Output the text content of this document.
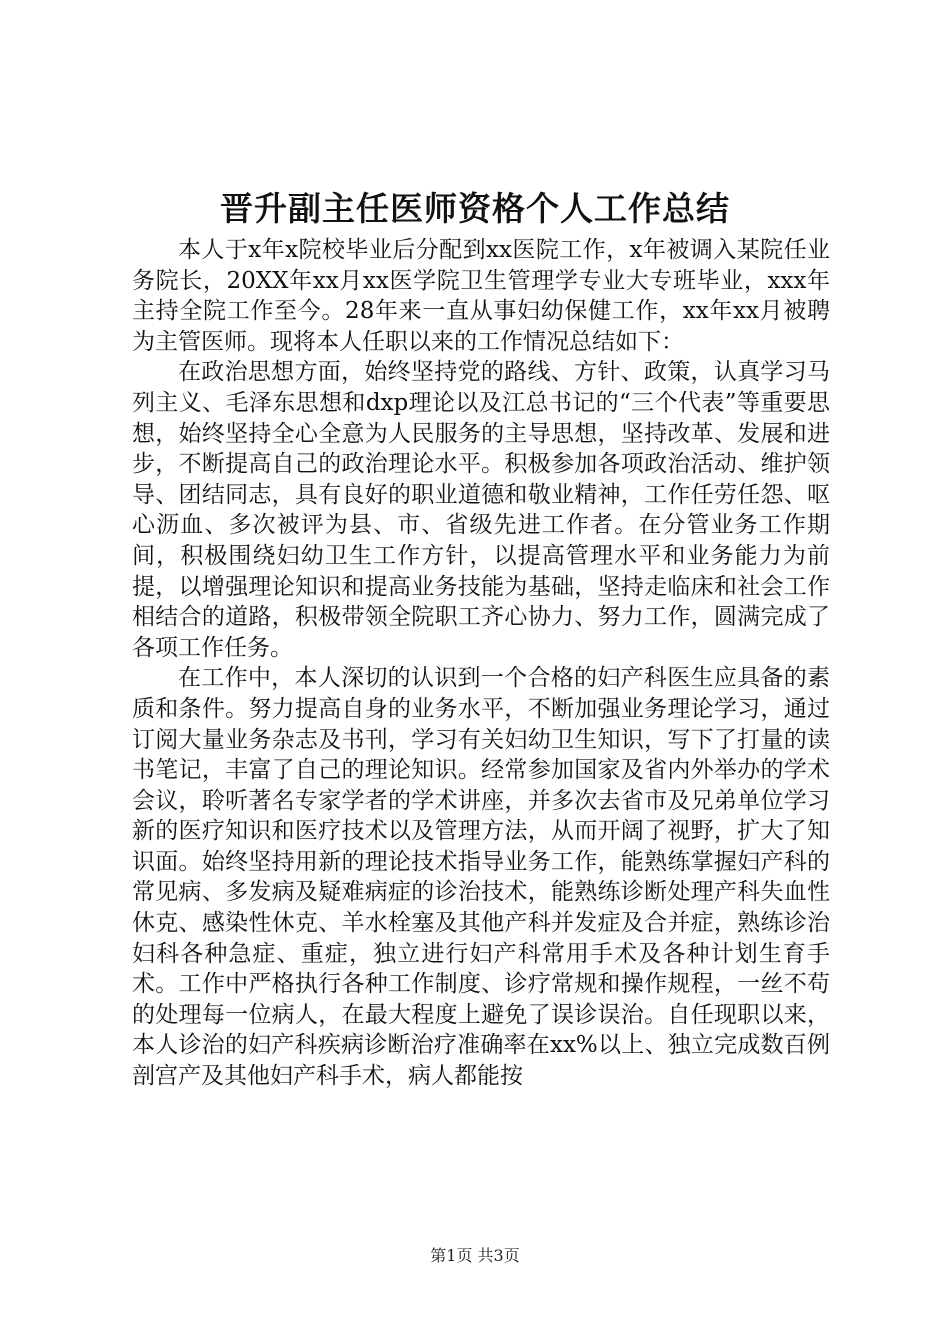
晋升副主任医师资格个人工作总结

本人于x年x院校毕业后分配到xx医院工作，x年被调入某院任业务院长，20XX年xx月xx医学院卫生管理学专业大专班毕业，xxx年主持全院工作至今。28年来一直从事妇幼保健工作，xx年xx月被聘为主管医师。现将本人任职以来的工作情况总结如下：

在政治思想方面，始终坚持党的路线、方针、政策，认真学习马列主义、毛泽东思想和dxp理论以及江总书记的“三个代表”等重要思想，始终坚持全心全意为人民服务的主导思想，坚持改革、发展和进步，不断提高自己的政治理论水平。积极参加各项政治活动、维护领导、团结同志，具有良好的职业道德和敬业精神，工作任劳任怨、呕心沥血、多次被评为县、市、省级先进工作者。在分管业务工作期间，积极围绕妇幼卫生工作方针，以提高管理水平和业务能力为前提，以增强理论知识和提高业务技能为基础，坚持走临床和社会工作相结合的道路，积极带领全院职工齐心协力、努力工作，圆满完成了各项工作任务。

在工作中，本人深切的认识到一个合格的妇产科医生应具备的素质和条件。努力提高自身的业务水平，不断加强业务理论学习，通过订阅大量业务杂志及书刊，学习有关妇幼卫生知识，写下了打量的读书笔记，丰富了自己的理论知识。经常参加国家及省内外举办的学术会议，聆听著名专家学者的学术讲座，并多次去省市及兄弟单位学习新的医疗知识和医疗技术以及管理方法，从而开阔了视野，扩大了知识面。始终坚持用新的理论技术指导业务工作，能熟练掌握妇产科的常见病、多发病及疑难病症的诊治技术，能熟练诊断处理产科失血性休克、感染性休克、羊水栓塞及其他产科并发症及合并症，熟练诊治妇科各种急症、重症，独立进行妇产科常用手术及各种计划生育手术。工作中严格执行各种工作制度、诊疗常规和操作规程，一丝不苟的处理每一位病人，在最大程度上避免了误诊误治。自任现职以来，本人诊治的妇产科疾病诊断治疗准确率在xx%以上、独立完成数百例剖宫产及其他妇产科手术，病人都能按

第1页 共3页
